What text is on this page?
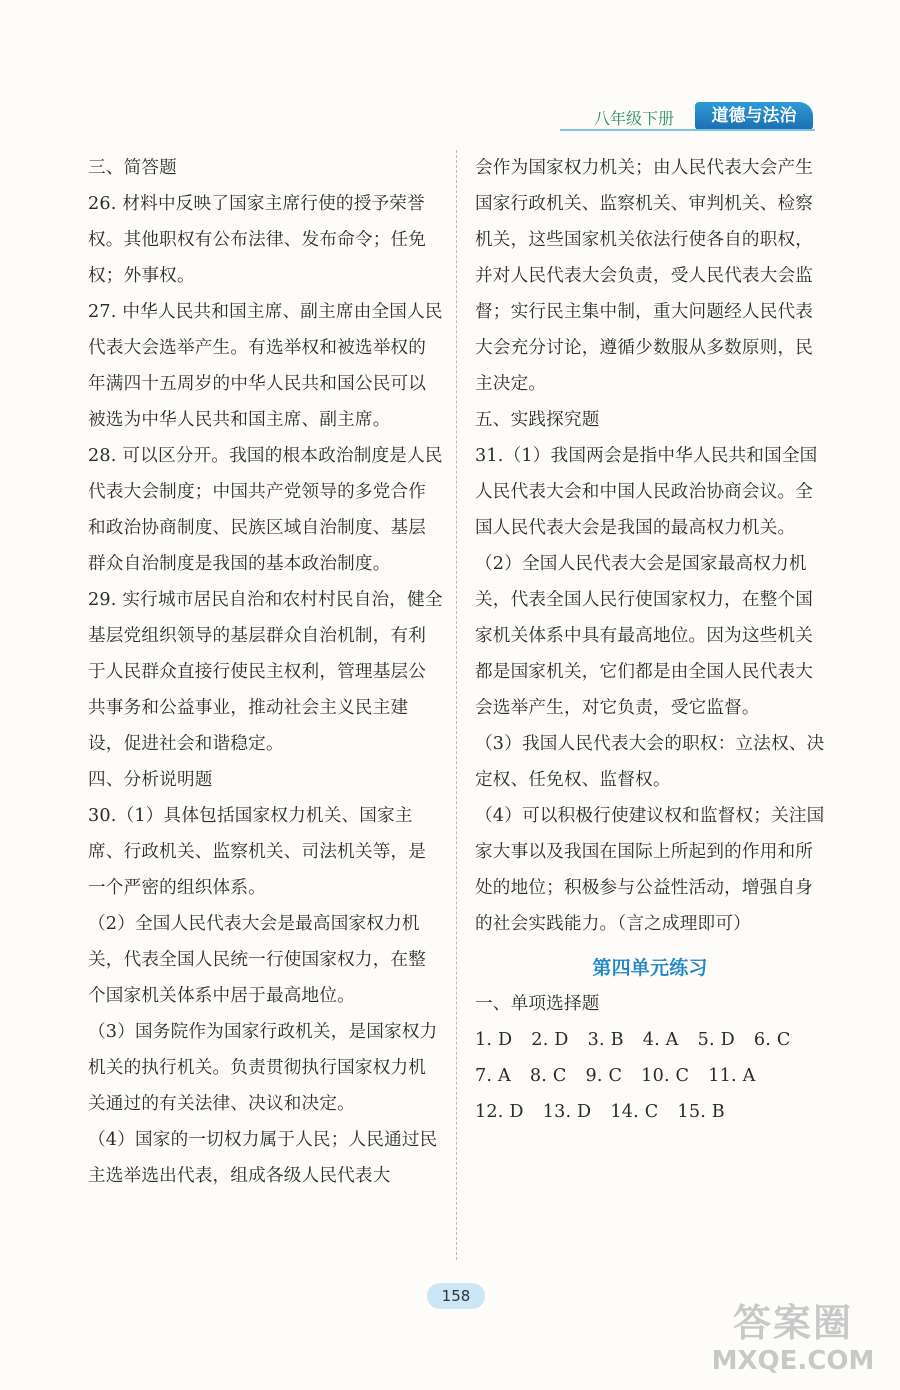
八年级下册	道德与法治

三、简答题

26. 材料中反映了国家主席行使的授予荣誉权。其他职权有公布法律、发布命令；任免权；外事权。

27. 中华人民共和国主席、副主席由全国人民代表大会选举产生。有选举权和被选举权的年满四十五周岁的中华人民共和国公民可以被选为中华人民共和国主席、副主席。

28. 可以区分开。我国的根本政治制度是人民代表大会制度；中国共产党领导的多党合作和政治协商制度、民族区域自治制度、基层群众自治制度是我国的基本政治制度。

29. 实行城市居民自治和农村村民自治，健全基层党组织领导的基层群众自治机制，有利于人民群众直接行使民主权利，管理基层公共事务和公益事业，推动社会主义民主建设，促进社会和谐稳定。

四、分析说明题

30.（1）具体包括国家权力机关、国家主席、行政机关、监察机关、司法机关等，是一个严密的组织体系。

（2）全国人民代表大会是最高国家权力机关，代表全国人民统一行使国家权力，在整个国家机关体系中居于最高地位。

（3）国务院作为国家行政机关，是国家权力机关的执行机关。负责贯彻执行国家权力机关通过的有关法律、决议和决定。

（4）国家的一切权力属于人民；人民通过民主选举选出代表，组成各级人民代表大

会作为国家权力机关；由人民代表大会产生国家行政机关、监察机关、审判机关、检察机关，这些国家机关依法行使各自的职权，并对人民代表大会负责，受人民代表大会监督；实行民主集中制，重大问题经人民代表大会充分讨论，遵循少数服从多数原则，民主决定。

五、实践探究题

31.（1）我国两会是指中华人民共和国全国人民代表大会和中国人民政治协商会议。全国人民代表大会是我国的最高权力机关。

（2）全国人民代表大会是国家最高权力机关，代表全国人民行使国家权力，在整个国家机关体系中具有最高地位。因为这些机关都是国家机关，它们都是由全国人民代表大会选举产生，对它负责，受它监督。

（3）我国人民代表大会的职权：立法权、决定权、任免权、监督权。

（4）可以积极行使建议权和监督权；关注国家大事以及我国在国际上所起到的作用和所处的地位；积极参与公益性活动，增强自身的社会实践能力。（言之成理即可）

第四单元练习

一、单项选择题

1. D 2. D 3. B 4. A 5. D 6. C
7. A 8. C 9. C 10. C 11. A
12. D 13. D 14. C 15. B
158
答案圈
MXQE.COM
